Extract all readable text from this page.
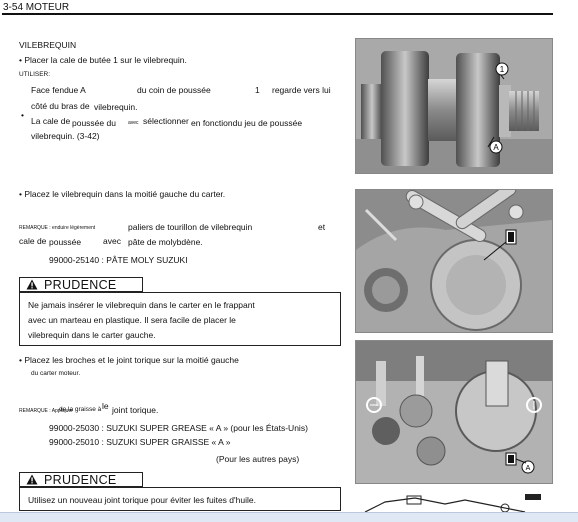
3-54 MOTEUR
VILEBREQUIN
• Placer la cale de butée 1 sur le vilebrequin.
UTILISER:
Face fendue A	du coin de poussée	1 regarde vers lui
côté du bras de vilebrequin.
•
La cale de poussée du avec sélectionner en fonctiondu jeu de poussée
vilebrequin. (3-42)
1
A
• Placez le vilebrequin dans la moitié gauche du carter.
REMARQUE : enduire légèrement	paliers de tourillon de vilebrequin	et
cale de poussée	avec pâte de molybdène.
99000-25140 : PÂTE MOLY SUZUKI
PRUDENCE
Ne jamais insérer le vilebrequin dans le carter en le frappant
avec un marteau en plastique. Il sera facile de placer le
vilebrequin dans le carter gauche.
• Placez les broches et le joint torique sur la moitié gauche
du carter moteur.
REMARQUE : Appliquer
de la graisse à le joint torique.
99000-25030 : SUZUKI SUPER GREASE « A » (pour les États-Unis)
99000-25010 : SUZUKI SUPER GRAISSE « A »
(Pour les autres pays)
PRUDENCE
Utilisez un nouveau joint torique pour éviter les fuites d'huile.
A
